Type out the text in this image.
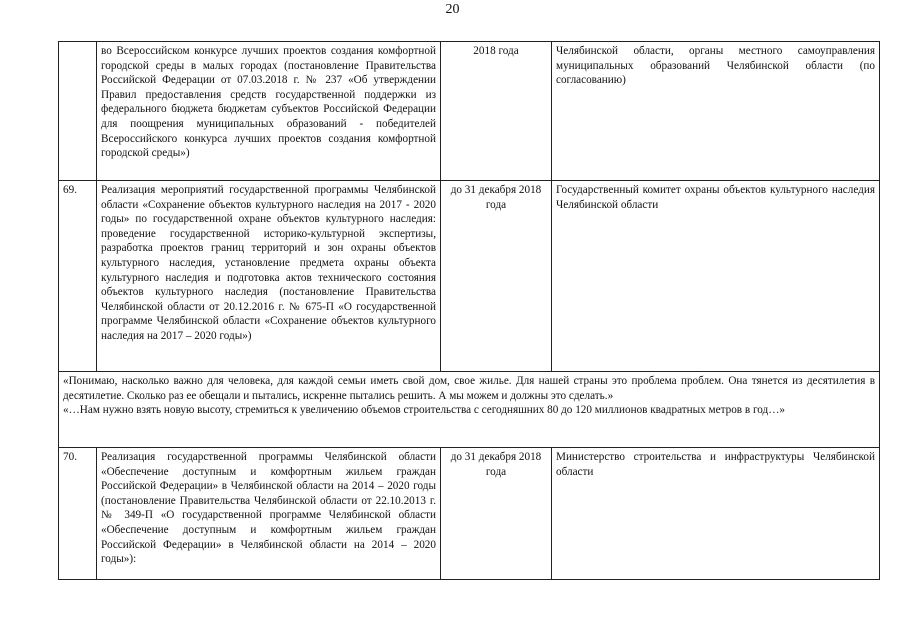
20
	во Всероссийском конкурсе лучших проектов создания комфортной городской среды в малых городах (постановление Правительства Российской Федерации от 07.03.2018 г. № 237 «Об утверждении Правил предоставления средств государственной поддержки из федерального бюджета бюджетам субъектов Российской Федерации для поощрения муниципальных образований - победителей Всероссийского конкурса лучших проектов создания комфортной городской среды»)	2018 года	Челябинской области, органы местного самоуправления муниципальных образований Челябинской области (по согласованию)
69.	Реализация мероприятий государственной программы Челябинской области «Сохранение объектов культурного наследия на 2017 - 2020 годы» по государственной охране объектов культурного наследия: проведение государственной историко-культурной экспертизы, разработка проектов границ территорий и зон охраны объектов культурного наследия, установление предмета охраны объекта культурного наследия и подготовка актов технического состояния объектов культурного наследия (постановление Правительства Челябинской области от 20.12.2016 г. № 675-П «О государственной программе Челябинской области «Сохранение объектов культурного наследия на 2017 – 2020 годы»)	до 31 декабря 2018 года	Государственный комитет охраны объектов культурного наследия Челябинской области

«Понимаю, насколько важно для человека, для каждой семьи иметь свой дом, свое жилье. Для нашей страны это проблема проблем. Она тянется из десятилетия в десятилетие. Сколько раз ее обещали и пытались, искренне пытались решить. А мы можем и должны это сделать.»
«…Нам нужно взять новую высоту, стремиться к увеличению объемов строительства с сегодняшних 80 до 120 миллионов квадратных метров в год…»			

70.	Реализация государственной программы Челябинской области «Обеспечение доступным и комфортным жильем граждан Российской Федерации» в Челябинской области на 2014 – 2020 годы (постановление Правительства Челябинской области от 22.10.2013 г. № 349-П «О государственной программе Челябинской области «Обеспечение доступным и комфортным жильем граждан Российской Федерации» в Челябинской области на 2014 – 2020 годы»):	до 31 декабря 2018 года	Министерство строительства и инфраструктуры Челябинской области
